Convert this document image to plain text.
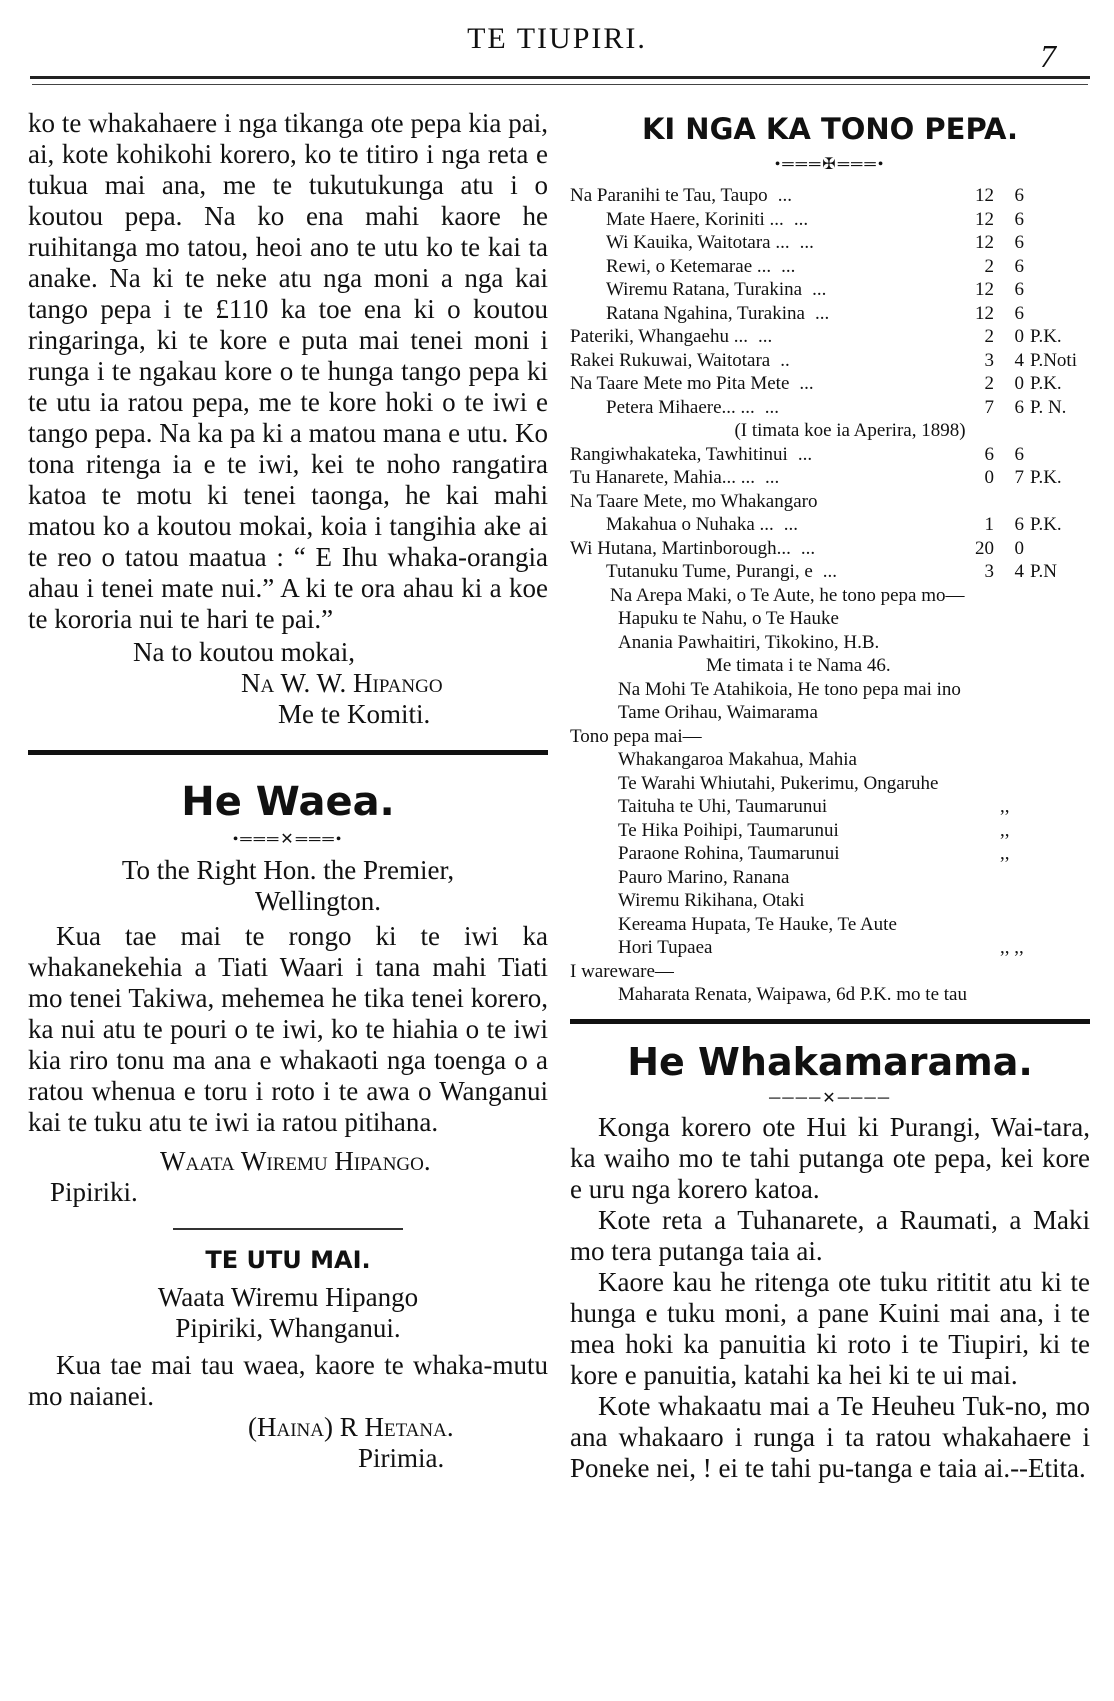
TE TIUPIRI.	7

ko te whakahaere i nga tikanga ote pepa kia pai, ai, kote kohikohi korero, ko te titiro i nga reta e tukua mai ana, me te tukutukunga atu i o koutou pepa. Na ko ena mahi kaore he ruihitanga mo tatou, heoi ano te utu ko te kai ta anake. Na ki te neke atu nga moni a nga kai tango pepa i te £110 ka toe ena ki o koutou ringaringa, ki te kore e puta mai tenei moni i runga i te ngakau kore o te hunga tango pepa ki te utu ia ratou pepa, me te kore hoki o te iwi e tango pepa. Na ka pa ki a matou mana e utu. Ko tona ritenga ia e te iwi, kei te noho rangatira katoa te motu ki tenei taonga, he kai mahi matou ko a koutou mokai, koia i tangihia ake ai te reo o tatou maatua : “ E Ihu whaka-orangia ahau i tenei mate nui.” A ki te ora ahau ki a koe te kororia nui te hari te pai.”

Na to koutou mokai,

Na W. W. Hipango

Me te Komiti.

He Waea.
•═══✕═══•

To the Right Hon. the Premier,

Wellington.

Kua tae mai te rongo ki te iwi ka whakanekehia a Tiati Waari i tana mahi Tiati mo tenei Takiwa, mehemea he tika tenei korero, ka nui atu te pouri o te iwi, ko te hiahia o te iwi kia riro tonu ma ana e whakaoti nga toenga o a ratou whenua e toru i roto i te awa o Wanganui kai te tuku atu te iwi ia ratou pitihana.

Waata Wiremu Hipango.

Pipiriki.

TE UTU MAI.

Waata Wiremu Hipango

Pipiriki, Whanganui.

Kua tae mai tau waea, kaore te whaka-mutu mo naianei.

(Haina) R Hetana.

Pirimia.

KI NGA KA TONO PEPA.
•═══✠═══•
Na Paranihi te Tau, Taupo ...	12	6
Mate Haere, Koriniti ... ...	12	6
Wi Kauika, Waitotara ... ...	12	6
Rewi, o Ketemarae ... ...	2	6
Wiremu Ratana, Turakina ...	12	6
Ratana Ngahina, Turakina ...	12	6
Pateriki, Whangaehu ... ...	2	0 P.K.
Rakei Rukuwai, Waitotara ..	3	4 P.Noti
Na Taare Mete mo Pita Mete ...	2	0 P.K.
Petera Mihaere... ... ...	7	6 P. N.
(I timata koe ia Aperira, 1898)
Rangiwhakateka, Tawhitinui ...	6	6
Tu Hanarete, Mahia... ... ...	0	7 P.K.
Na Taare Mete, mo Whakangaro
Makahua o Nuhaka ... ...	1	6 P.K.
Wi Hutana, Martinborough... ...	20	0
Tutanuku Tume, Purangi, e ...	3	4 P.N
Na Arepa Maki, o Te Aute, he tono pepa mo—
Hapuku te Nahu, o Te Hauke
Anania Pawhaitiri, Tikokino, H.B.
Me timata i te Nama 46.
Na Mohi Te Atahikoia, He tono pepa mai ino
Tame Orihau, Waimarama
Tono pepa mai—
Whakangaroa Makahua, Mahia
Te Warahi Whiutahi, Pukerimu, Ongaruhe
Taituha te Uhi, Taumarunui	,,
Te Hika Poihipi, Taumarunui	,,
Paraone Rohina, Taumarunui	,,
Pauro Marino, Ranana
Wiremu Rikihana, Otaki
Kereama Hupata, Te Hauke, Te Aute
Hori Tupaea	,, ,,
I wareware—
Maharata Renata, Waipawa, 6d P.K. mo te tau
He Whakamarama.
────✕────

Konga korero ote Hui ki Purangi, Wai-tara, ka waiho mo te tahi putanga ote pepa, kei kore e uru nga korero katoa.

Kote reta a Tuhanarete, a Raumati, a Maki mo tera putanga taia ai.

Kaore kau he ritenga ote tuku rititit atu ki te hunga e tuku moni, a pane Kuini mai ana, i te mea hoki ka panuitia ki roto i te Tiupiri, ki te kore e panuitia, katahi ka hei ki te ui mai.

Kote whakaatu mai a Te Heuheu Tuk-no, mo ana whakaaro i runga i ta ratou whakahaere i Poneke nei, ! ei te tahi pu-tanga e taia ai.--Etita.
